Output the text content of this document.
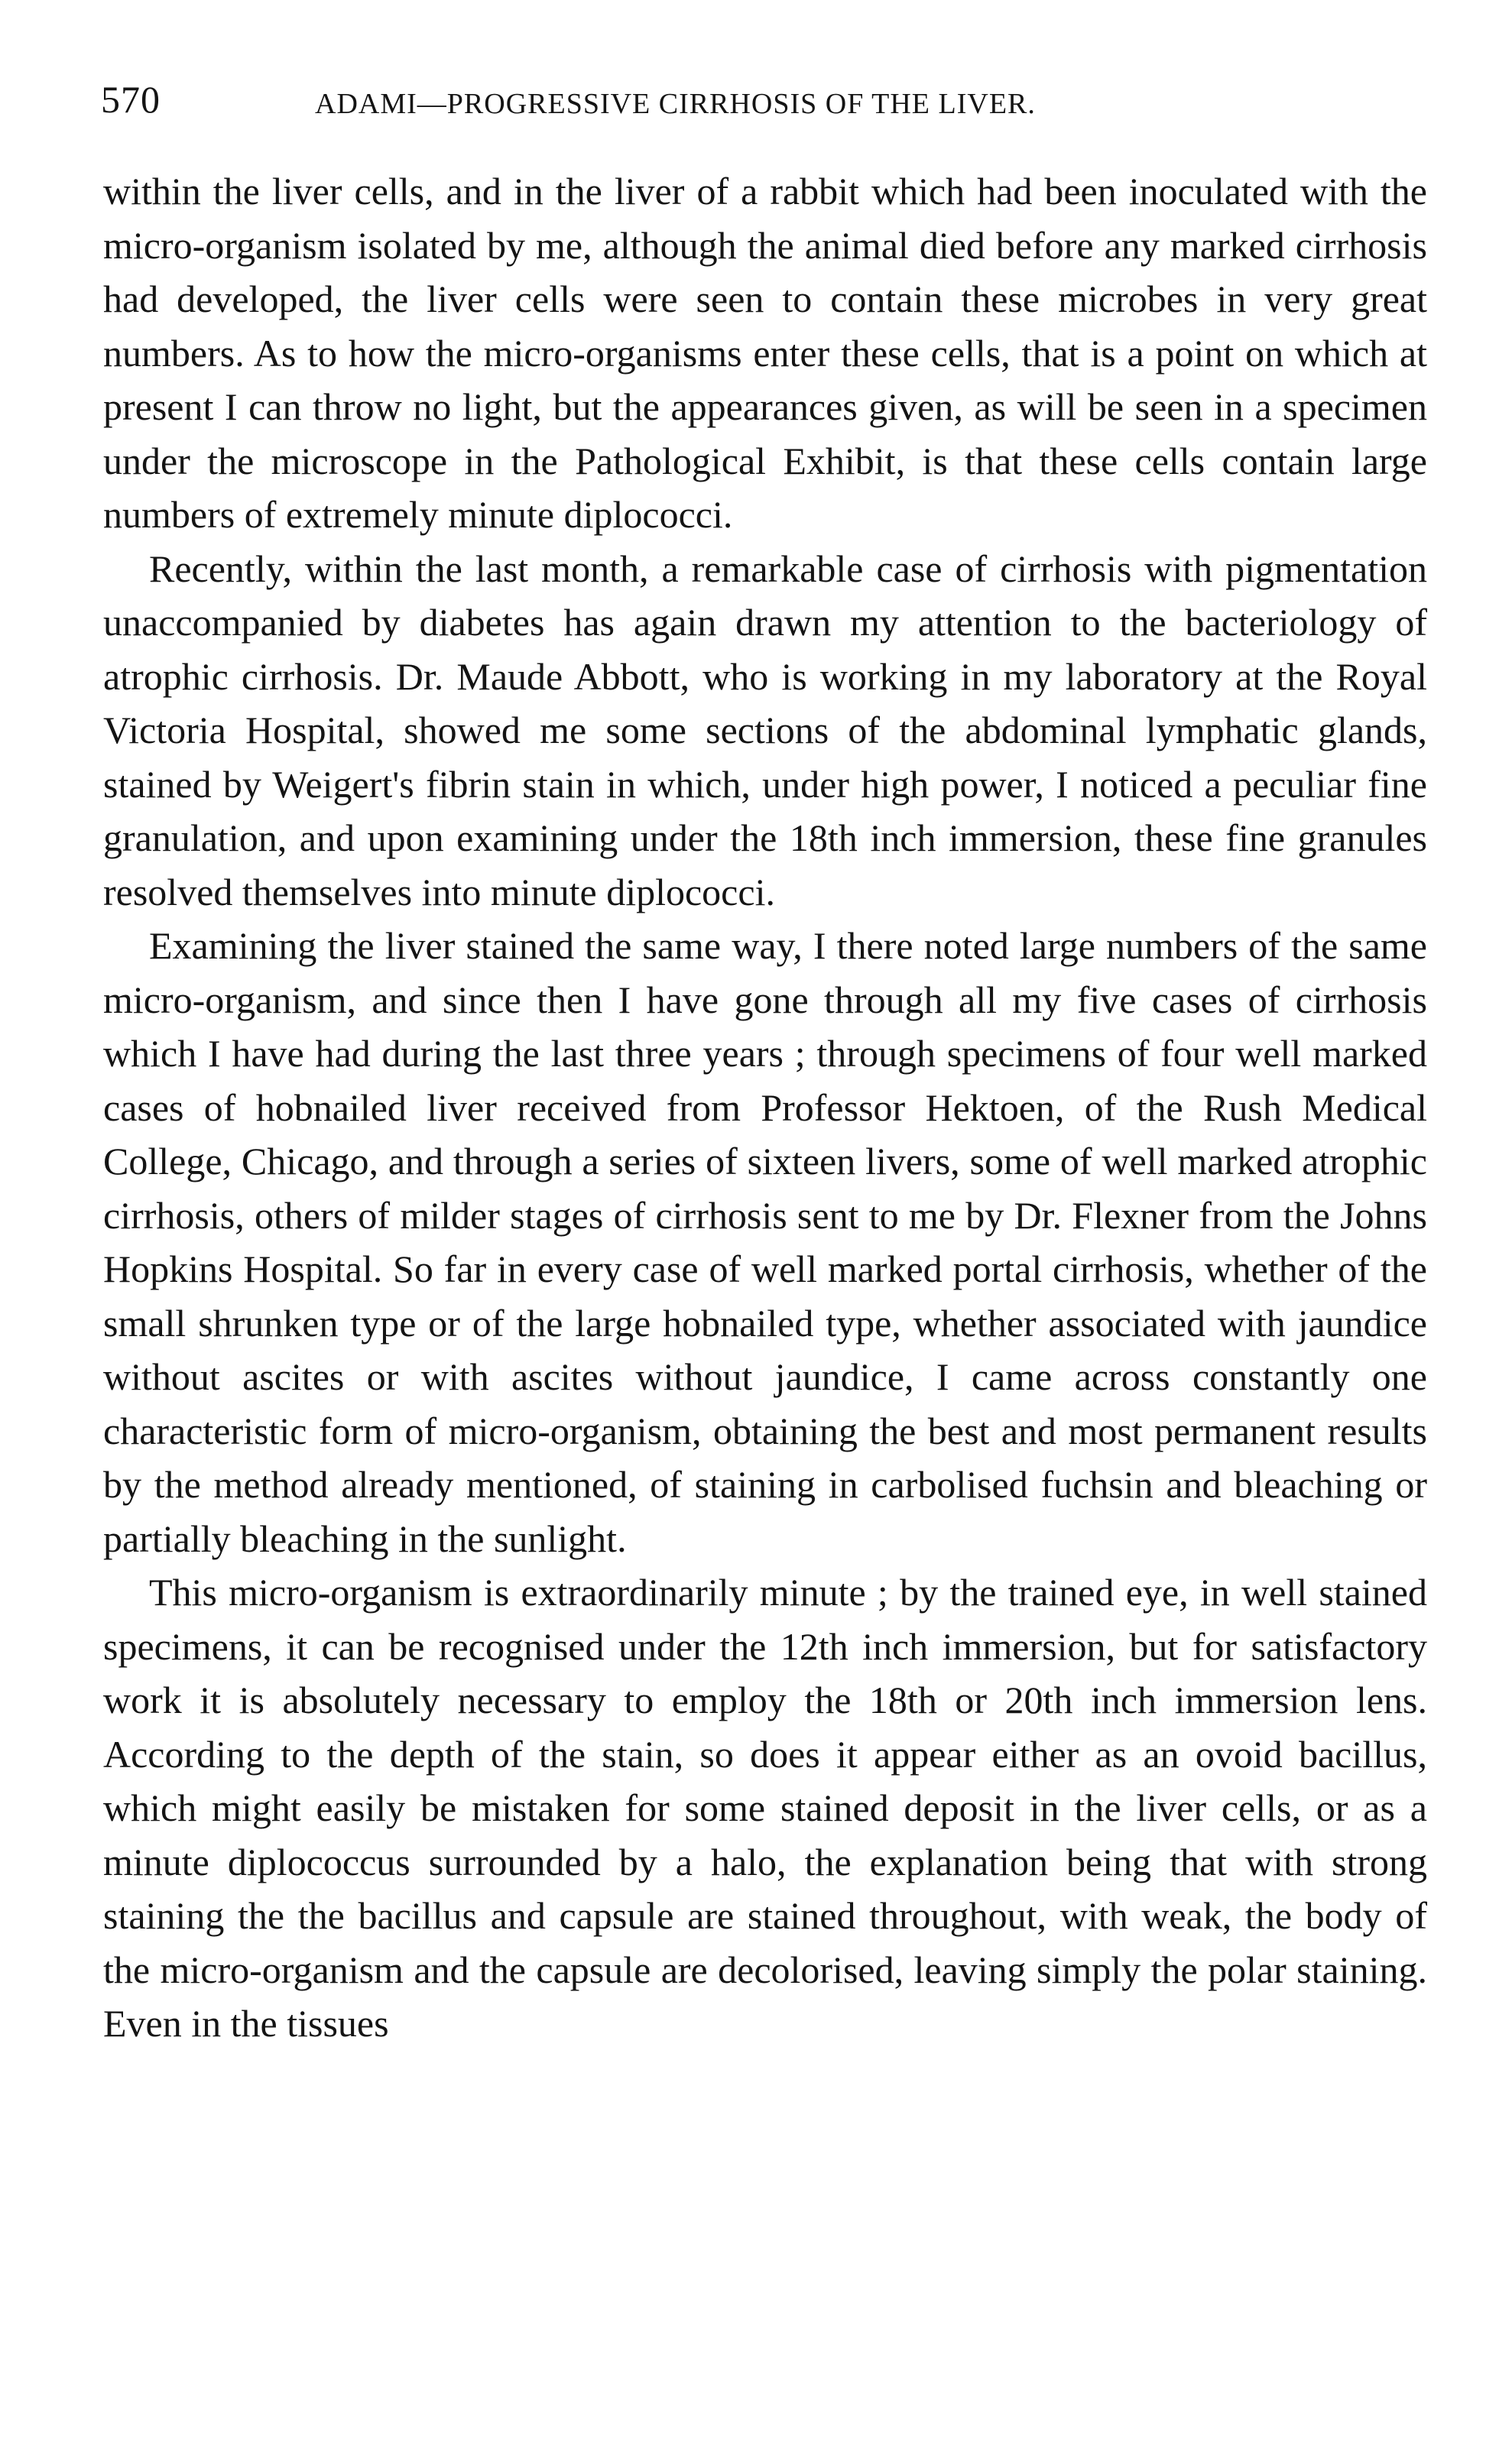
570	ADAMI—PROGRESSIVE CIRRHOSIS OF THE LIVER.

within the liver cells, and in the liver of a rabbit which had been inoculated with the micro-organism isolated by me, although the animal died before any marked cirrhosis had developed, the liver cells were seen to contain these microbes in very great numbers. As to how the micro-organisms enter these cells, that is a point on which at present I can throw no light, but the appearances given, as will be seen in a specimen under the microscope in the Pathological Exhibit, is that these cells contain large numbers of extremely minute diplococci.

Recently, within the last month, a remarkable case of cirrhosis with pigmentation unaccompanied by diabetes has again drawn my attention to the bacteriology of atrophic cirrhosis. Dr. Maude Abbott, who is working in my laboratory at the Royal Victoria Hospital, showed me some sections of the abdominal lymphatic glands, stained by Weigert's fibrin stain in which, under high power, I noticed a peculiar fine granulation, and upon examining under the 18th inch immersion, these fine granules resolved themselves into minute diplococci.

Examining the liver stained the same way, I there noted large numbers of the same micro-organism, and since then I have gone through all my five cases of cirrhosis which I have had during the last three years ; through specimens of four well marked cases of hobnailed liver received from Professor Hektoen, of the Rush Medical College, Chicago, and through a series of sixteen livers, some of well marked atrophic cirrhosis, others of milder stages of cirrhosis sent to me by Dr. Flexner from the Johns Hopkins Hospital. So far in every case of well marked portal cirrhosis, whether of the small shrunken type or of the large hobnailed type, whether associated with jaundice without ascites or with ascites without jaundice, I came across constantly one characteristic form of micro-organism, obtaining the best and most permanent results by the method already mentioned, of staining in carbolised fuchsin and bleaching or partially bleaching in the sunlight.

This micro-organism is extraordinarily minute ; by the trained eye, in well stained specimens, it can be recognised under the 12th inch immersion, but for satisfactory work it is absolutely necessary to employ the 18th or 20th inch immersion lens. According to the depth of the stain, so does it appear either as an ovoid bacillus, which might easily be mistaken for some stained deposit in the liver cells, or as a minute diplococcus surrounded by a halo, the explanation being that with strong staining the the bacillus and capsule are stained throughout, with weak, the body of the micro-organism and the capsule are decolorised, leaving simply the polar staining. Even in the tissues
